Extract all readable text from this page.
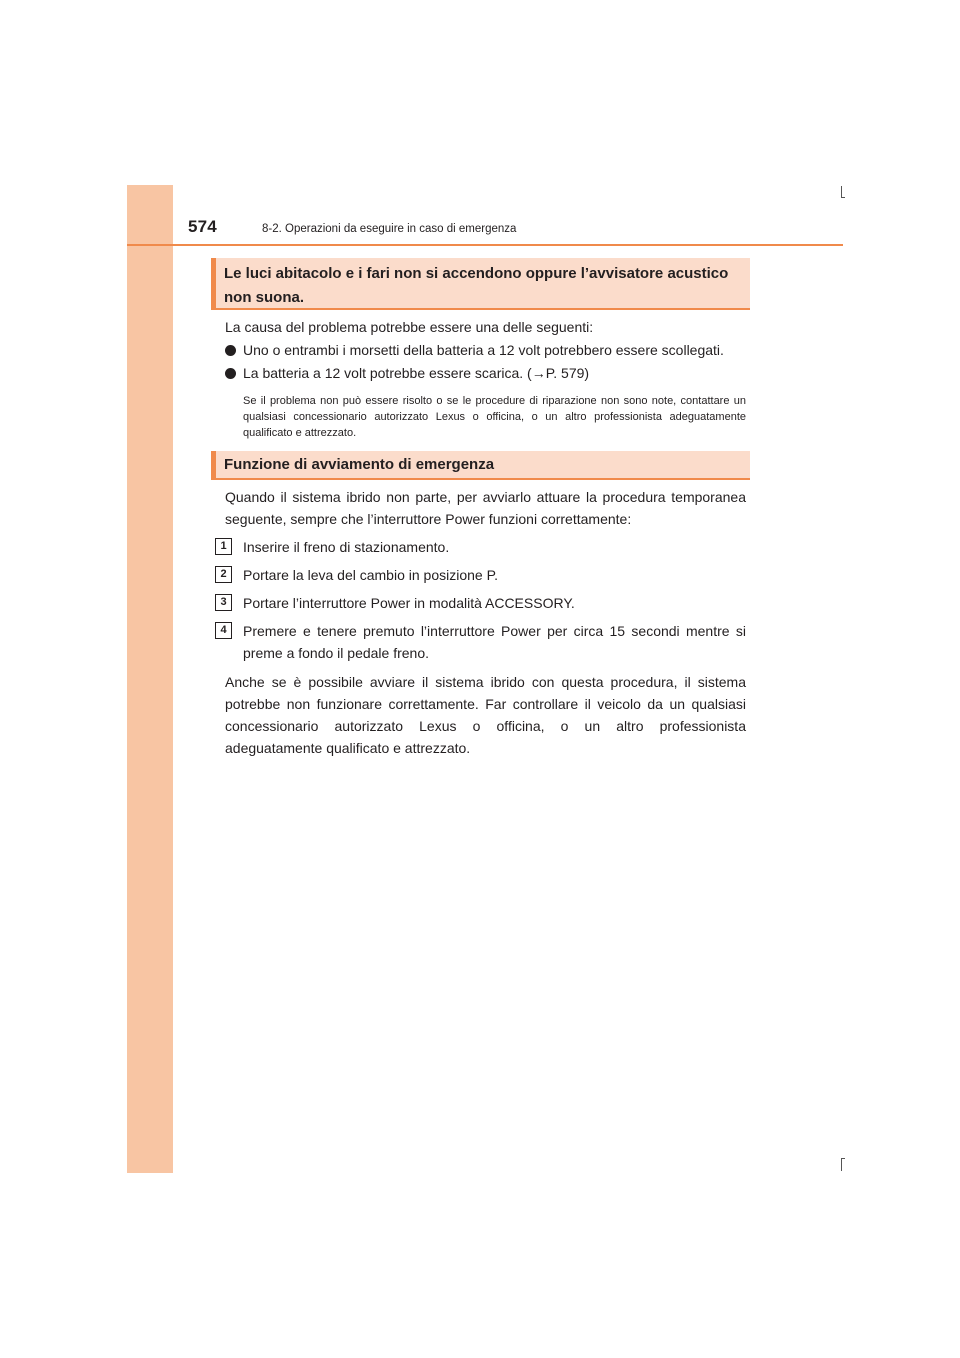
574	8-2. Operazioni da eseguire in caso di emergenza
Le luci abitacolo e i fari non si accendono oppure l’avvisatore acustico non suona.
La causa del problema potrebbe essere una delle seguenti:
Uno o entrambi i morsetti della batteria a 12 volt potrebbero essere scollegati.
La batteria a 12 volt potrebbe essere scarica. (→P. 579)
Se il problema non può essere risolto o se le procedure di riparazione non sono note, contattare un qualsiasi concessionario autorizzato Lexus o officina, o un altro professionista adeguatamente qualificato e attrezzato.
Funzione di avviamento di emergenza
Quando il sistema ibrido non parte, per avviarlo attuare la procedura temporanea seguente, sempre che l’interruttore Power funzioni correttamente:
1	Inserire il freno di stazionamento.
2	Portare la leva del cambio in posizione P.
3	Portare l’interruttore Power in modalità ACCESSORY.
4	Premere e tenere premuto l’interruttore Power per circa 15 secondi mentre si preme a fondo il pedale freno.
Anche se è possibile avviare il sistema ibrido con questa procedura, il sistema potrebbe non funzionare correttamente. Far controllare il veicolo da un qualsiasi concessionario autorizzato Lexus o officina, o un altro professionista adeguatamente qualificato e attrezzato.
